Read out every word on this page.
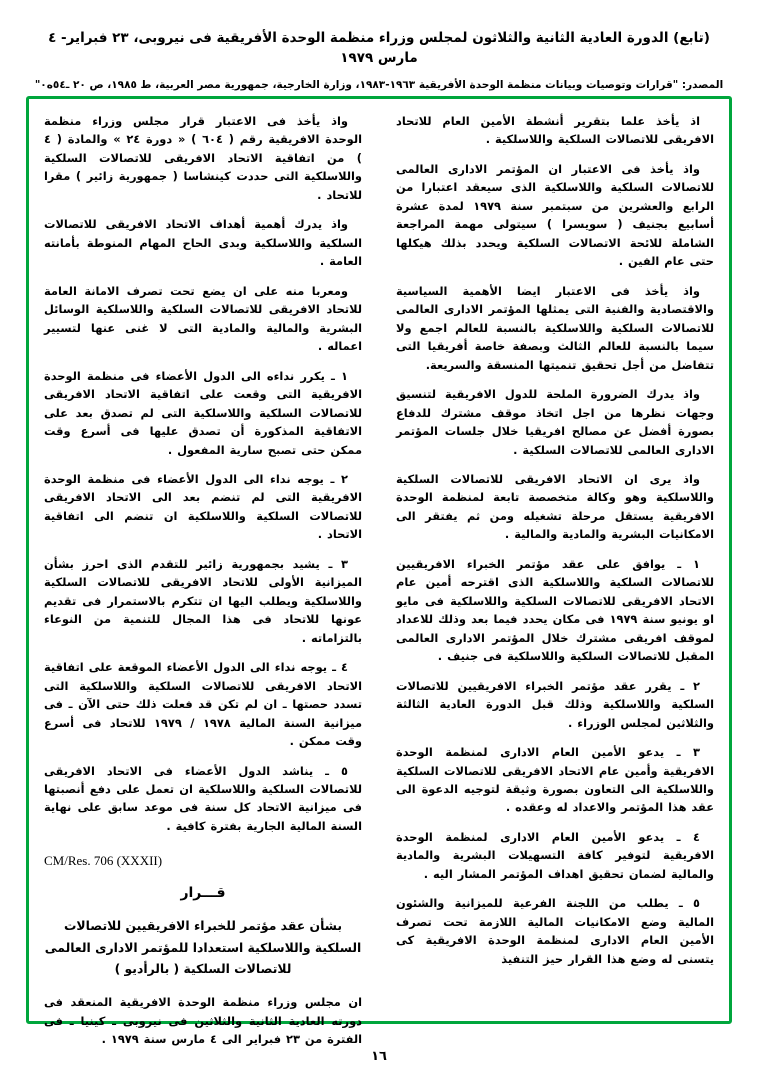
(تابع) الدورة العادية الثانية والثلاثون لمجلس وزراء منظمة الوحدة الأفريقية فى نيروبى، ٢٣ فبراير- ٤ مارس ١٩٧٩
المصدر: "قرارات وتوصيات وبيانات منظمة الوحدة الأفريقية ١٩٦٣-١٩٨٣، وزارة الخارجية، جمهورية مصر العربية، ط ١٩٨٥، ص ٢٠ ـ٥٤ه٠"

اذ يأخذ علما بتقرير أنشطة الأمين العام للاتحاد الافريقى للاتصالات السلكية واللاسلكية .

واذ يأخذ فى الاعتبار ان المؤتمر الادارى العالمى للاتصالات السلكية واللاسلكية الذى سيعقد اعتبارا من الرابع والعشرين من سبتمبر سنة ١٩٧٩ لمدة عشرة أسابيع بجنيف ( سويسرا ) سيتولى مهمة المراجعة الشاملة للائحة الاتصالات السلكية ويحدد بذلك هيكلها حتى عام الفين .

واذ يأخذ فى الاعتبار ايضا الأهمية السياسية والاقتصادية والفنية التى يمثلها المؤتمر الادارى العالمى للاتصالات السلكية واللاسلكية بالنسبة للعالم اجمع ولا سيما بالنسبة للعالم الثالث وبصفة خاصة أفريقيا التى تتفاضل من أجل تحقيق تنميتها المنسقة والسريعة.

واذ يدرك الضرورة الملحة للدول الافريقية لتنسيق وجهات نظرها من اجل اتخاذ موقف مشترك للدفاع بصورة أفضل عن مصالح افريقيا خلال جلسات المؤتمر الادارى العالمى للاتصالات السلكية .

واذ يرى ان الاتحاد الافريقى للاتصالات السلكية واللاسلكية وهو وكالة متخصصة تابعة لمنظمة الوحدة الافريقية يستقل مرحلة تشغيله ومن ثم يفتقر الى الامكانيات البشرية والمادية والمالية .

١ ـ يوافق على عقد مؤتمر الخبراء الافريقيين للاتصالات السلكية واللاسلكية الذى اقترحه أمين عام الاتحاد الافريقى للاتصالات السلكية واللاسلكية فى مايو او يونيو سنة ١٩٧٩ فى مكان يحدد فيما بعد وذلك للاعداد لموقف افريقى مشترك خلال المؤتمر الادارى العالمى المقبل للاتصالات السلكية واللاسلكية فى جنيف .

٢ ـ يقرر عقد مؤتمر الخبراء الافريقيين للاتصالات السلكية واللاسلكية وذلك قبل الدورة العادية الثالثة والثلاثين لمجلس الوزراء .

٣ ـ يدعو الأمين العام الادارى لمنظمة الوحدة الافريقية وأمين عام الاتحاد الافريقى للاتصالات السلكية واللاسلكية الى التعاون بصورة وثيقة لتوجيه الدعوة الى عقد هذا المؤتمر والاعداد له وعقده .

٤ ـ يدعو الأمين العام الادارى لمنظمة الوحدة الافريقية لتوفير كافة التسهيلات البشرية والمادية والمالية لضمان تحقيق اهداف المؤتمر المشار اليه .

٥ ـ يطلب من اللجنة الفرعية للميزانية والشئون المالية وضع الامكانيات المالية اللازمة تحت تصرف الأمين العام الادارى لمنظمة الوحدة الافريقية كى يتسنى له وضع هذا القرار حيز التنفيذ

واذ يأخذ فى الاعتبار قرار مجلس وزراء منظمة الوحدة الافريقية رقم ( ٦٠٤ ) « دورة ٢٤ » والمادة ( ٤ ) من اتفاقية الاتحاد الافريقى للاتصالات السلكية واللاسلكية التى حددت كينشاسا ( جمهورية زائير ) مقرا للاتحاد .

واذ يدرك أهمية أهداف الاتحاد الافريقى للاتصالات السلكية واللاسلكية وبدى الحاح المهام المنوطة بأمانته العامة .

ومعربا منه على ان يضع تحت تصرف الامانة العامة للاتحاد الافريقى للاتصالات السلكية واللاسلكية الوسائل البشرية والمالية والمادية التى لا غنى عنها لتسيير اعماله .

١ ـ يكرر نداءه الى الدول الأعضاء فى منظمة الوحدة الافريقية التى وقعت على اتفاقية الاتحاد الافريقى للاتصالات السلكية واللاسلكية التى لم تصدق بعد على الاتفاقية المذكورة أن تصدق عليها فى أسرع وقت ممكن حتى تصبح سارية المفعول .

٢ ـ يوجه نداء الى الدول الأعضاء فى منظمة الوحدة الافريقية التى لم تنضم بعد الى الاتحاد الافريقى للاتصالات السلكية واللاسلكية ان تنضم الى اتفاقية الاتحاد .

٣ ـ يشيد بجمهورية زائير للتقدم الذى احرز بشأن الميزانية الأولى للاتحاد الافريقى للاتصالات السلكية واللاسلكية ويطلب اليها ان تتكرم بالاستمرار فى تقديم عونها للاتحاد فى هذا المجال للتنمية من النوعاء بالتزاماته .

٤ ـ يوجه نداء الى الدول الأعضاء الموقعة على اتفاقية الاتحاد الافريقى للاتصالات السلكية واللاسلكية التى تسدد حصتها ـ ان لم تكن قد فعلت ذلك حتى الآن ـ فى ميزانية السنة المالية ١٩٧٨ / ١٩٧٩ للاتحاد فى أسرع وقت ممكن .

٥ ـ يناشد الدول الأعضاء فى الاتحاد الافريقى للاتصالات السلكية واللاسلكية ان تعمل على دفع أنصبتها فى ميزانية الاتحاد كل سنة فى موعد سابق على نهاية السنة المالية الجارية بفترة كافية .

CM/Res. 706 (XXXII)
قـــرار
بشأن عقد مؤتمر للخبراء الافريقيين للاتصالات السلكية واللاسلكية استعدادا للمؤتمر الادارى العالمى للاتصالات السلكية ( بالرأديو )

ان مجلس وزراء منظمة الوحدة الافريقية المنعقد فى دورته العادية الثانية والثلاثين فى نيروبى ـ كينيا ـ فى الفترة من ٢٣ فبراير الى ٤ مارس سنة ١٩٧٩ .

١٦
